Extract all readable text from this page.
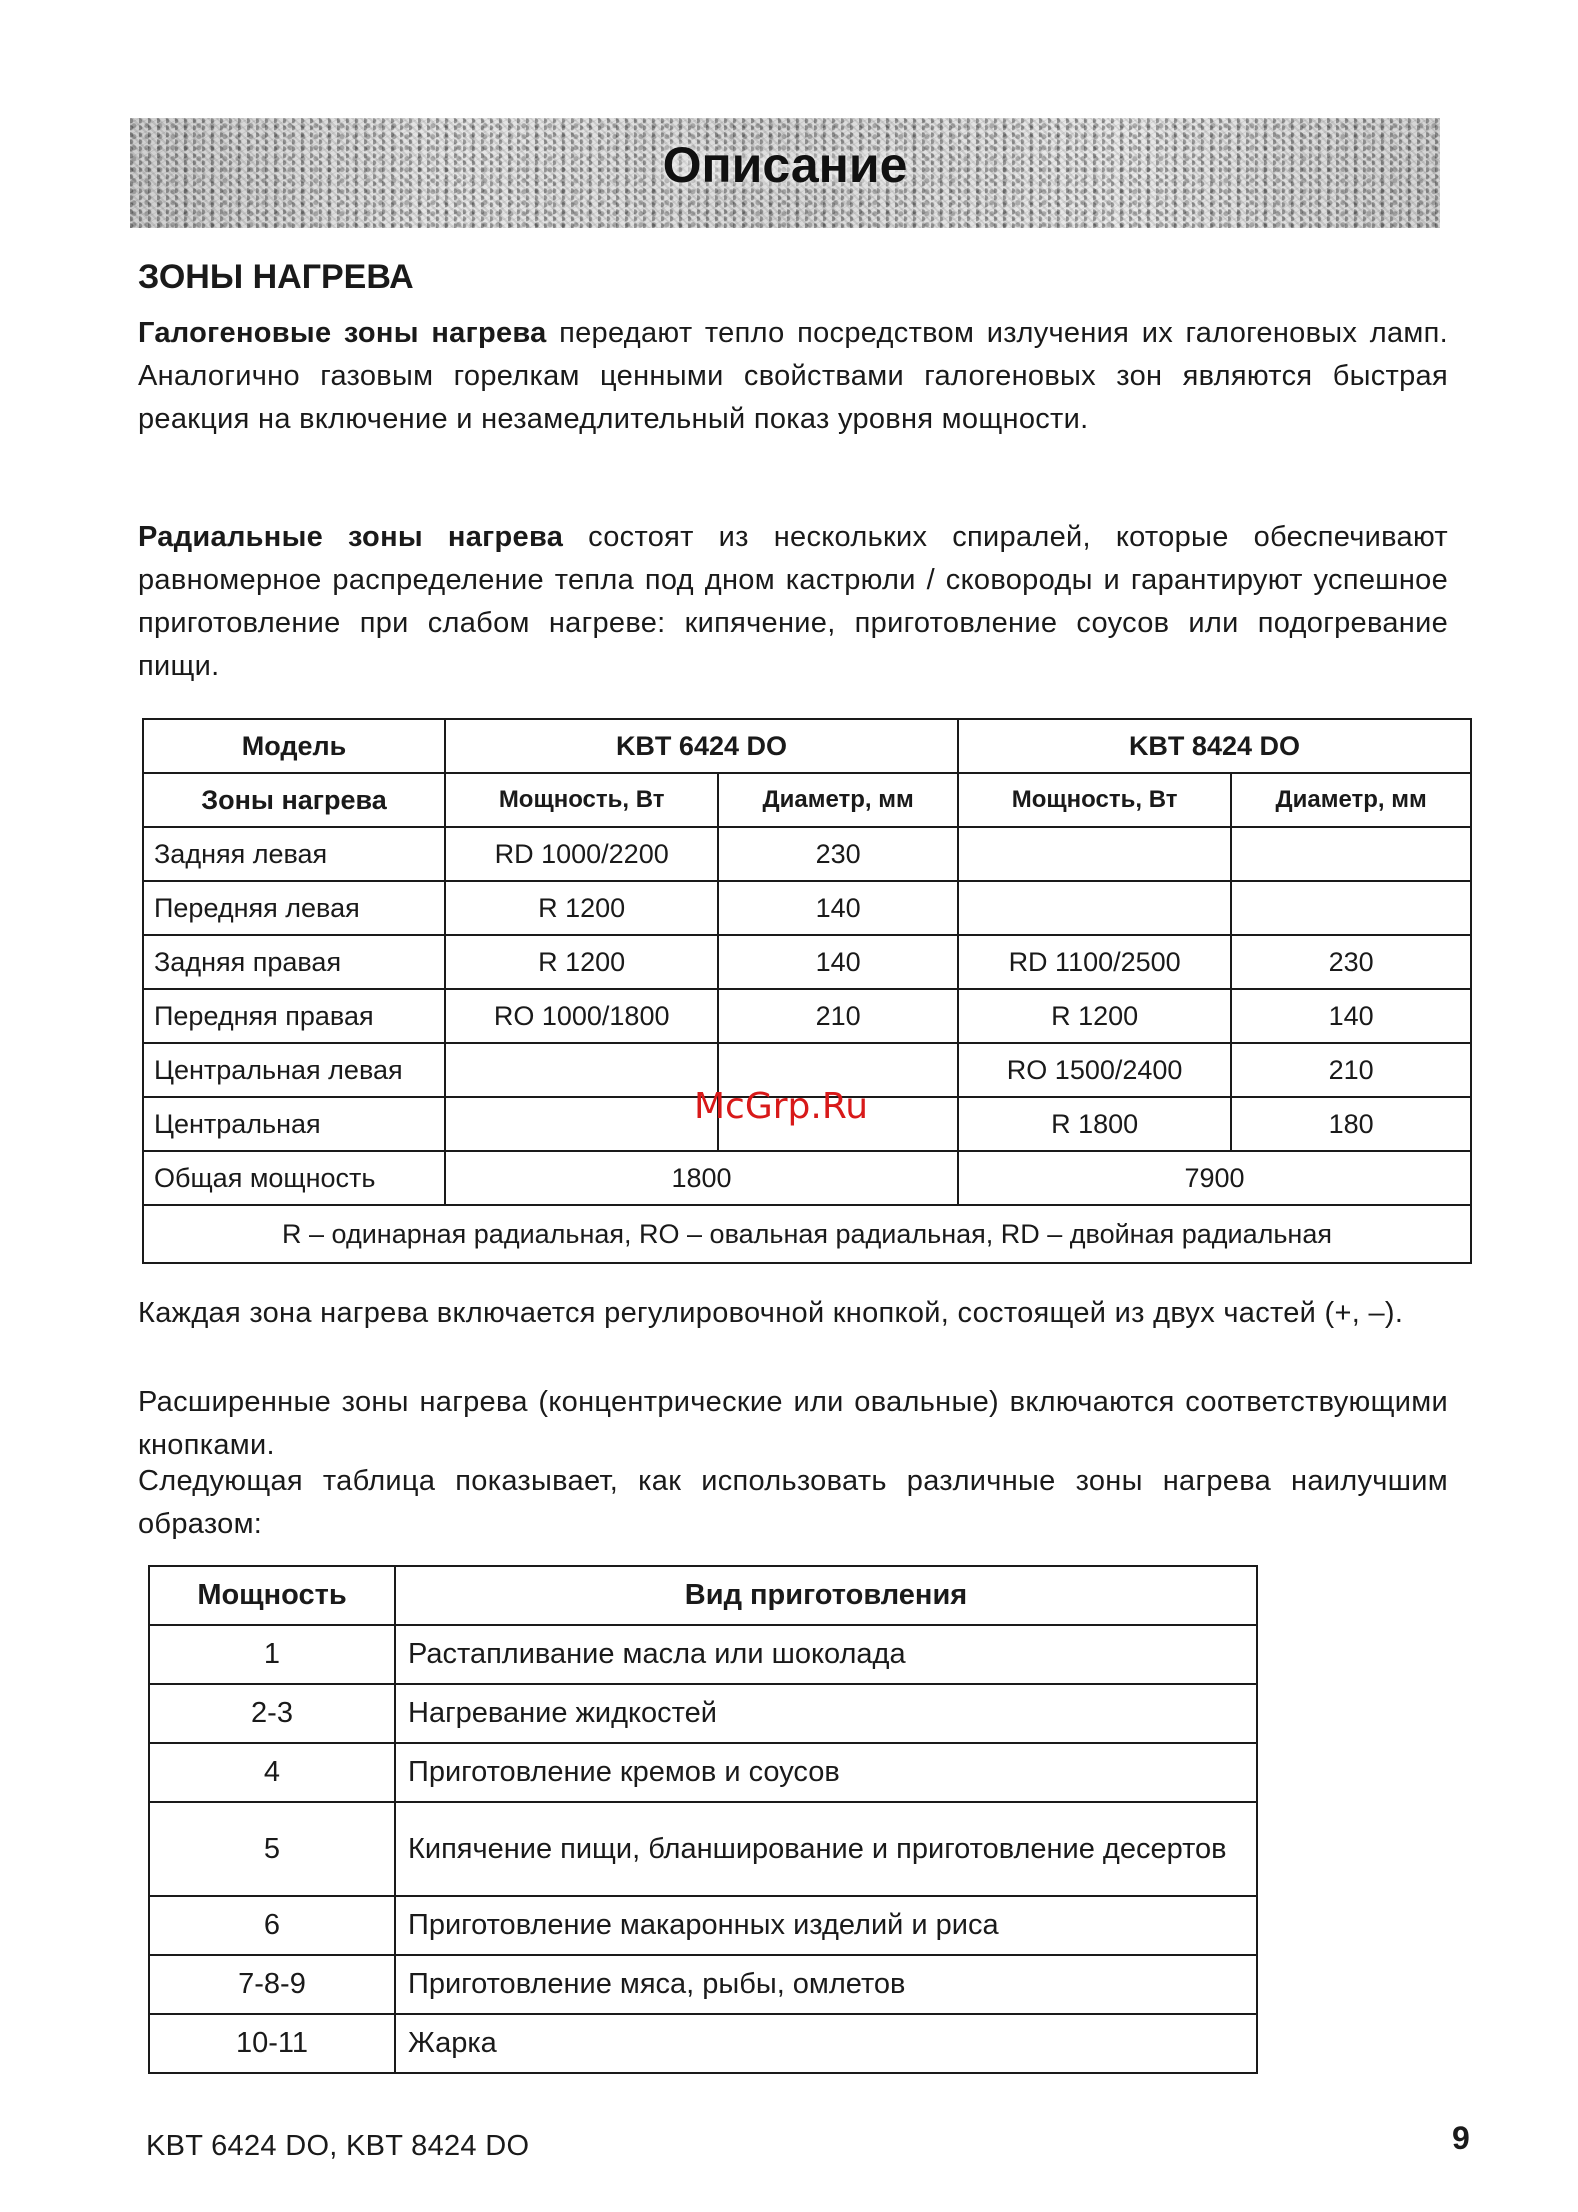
Описание
ЗОНЫ НАГРЕВА

Галогеновые зоны нагрева передают тепло посредством излучения их галогеновых ламп. Аналогично газовым горелкам ценными свойствами галогеновых зон являются быстрая реакция на включение и незамедлительный показ уровня мощности.

Радиальные зоны нагрева состоят из нескольких спиралей, которые обеспечивают равномерное распределение тепла под дном кастрюли / сковороды и гарантируют успешное приготовление при слабом нагреве: кипячение, приготовление соусов или подогревание пищи.

Модель	KBT 6424 DO		KBT 8424 DO	
Зоны нагрева	Мощность, Вт	Диаметр, мм	Мощность, Вт	Диаметр, мм
Задняя левая	RD 1000/2200	230		
Передняя левая	R 1200	140		
Задняя правая	R 1200	140	RD 1100/2500	230
Передняя правая	RO 1000/1800	210	R 1200	140
Центральная левая			RO 1500/2400	210
Центральная			R 1800	180
Общая мощность	1800		7900	
R – одинарная радиальная, RO – овальная радиальная, RD – двойная радиальная				

Каждая зона нагрева включается регулировочной кнопкой, состоящей из двух частей (+, –).

Расширенные зоны нагрева (концентрические или овальные) включаются соответствующими кнопками.

Следующая таблица показывает, как использовать различные зоны нагрева наилучшим образом:

Мощность	Вид приготовления
1	Растапливание масла или шоколада
2-3	Нагревание жидкостей
4	Приготовление кремов и соусов
5	Кипячение пищи, бланширование и приготовление десертов
6	Приготовление макаронных изделий и риса
7-8-9	Приготовление мяса, рыбы, омлетов
10-11	Жарка
McGrp.Ru
KBT 6424 DO, KBT 8424 DO	9
